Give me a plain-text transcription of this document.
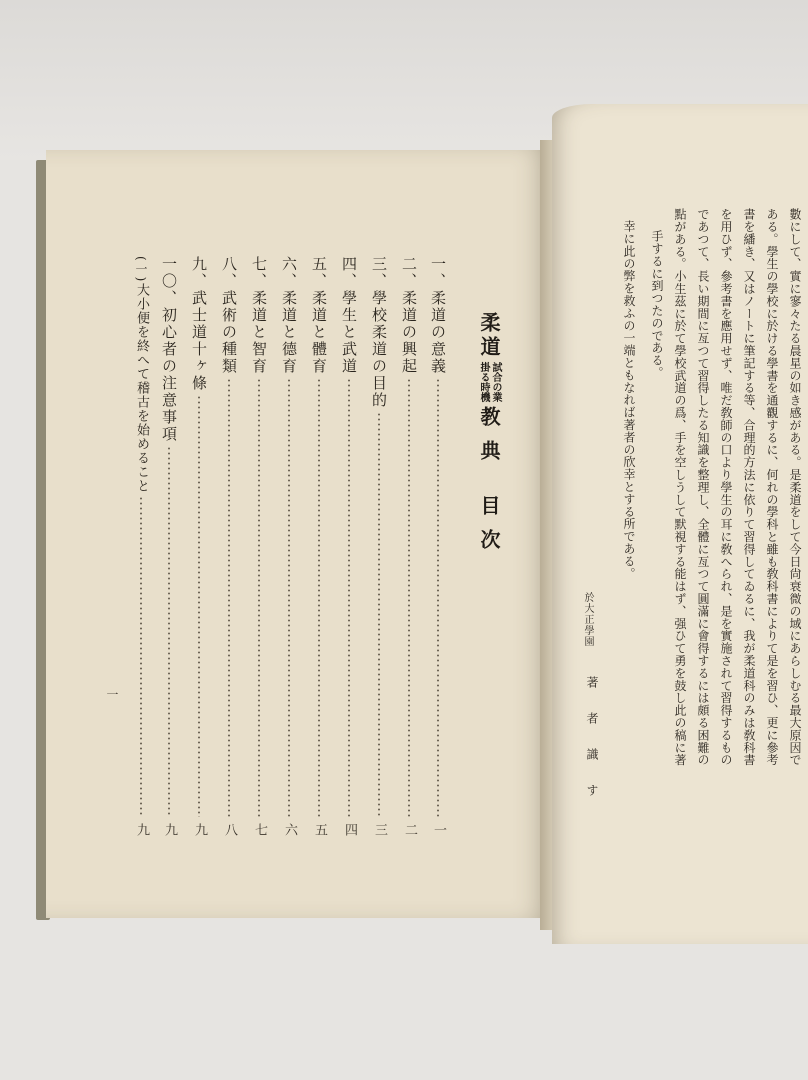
柔道
試合の業
掛る時機
教典 目次
一、
柔道の意義
一
二、
柔道の興起
二
三、
學校柔道の目的
三
四、
學生と武道
四
五、
柔道と體育
五
六、
柔道と德育
六
七、
柔道と智育
七
八、
武術の種類
八
九、
武士道十ヶ條
九
一〇、
初心者の注意事項
九
(一)
大小便を終へて稽古を始めること
九
一	數にして、實に寥々たる晨星の如き感がある。是柔道をして今日尙衰微の域にあらしむる最大原因で
ある。學生の學校に於ける學書を通觀するに、何れの學科と雖も敎科書によりて是を習ひ、更に參考
書を繙き、又はノートに筆記する等、合理的方法に依りて習得してゐるに、我が柔道科のみは敎科書
を用ひず、參考書を應用せず、唯だ敎師の口より學生の耳に敎へられ、是を實施されて習得するもの
であつて、長い期間に亙つて習得したる知識を整理し、全體に亙つて圓滿に會得するには頗る困難の
點がある。小生茲に於て學校武道の爲、手を空しうして默視する能はず、强ひて勇を鼓し此の稿に著
手するに到つたのである。
幸に此の弊を救ふの一端ともなれば著者の欣幸とする所である。
於大正學園
著者識す
